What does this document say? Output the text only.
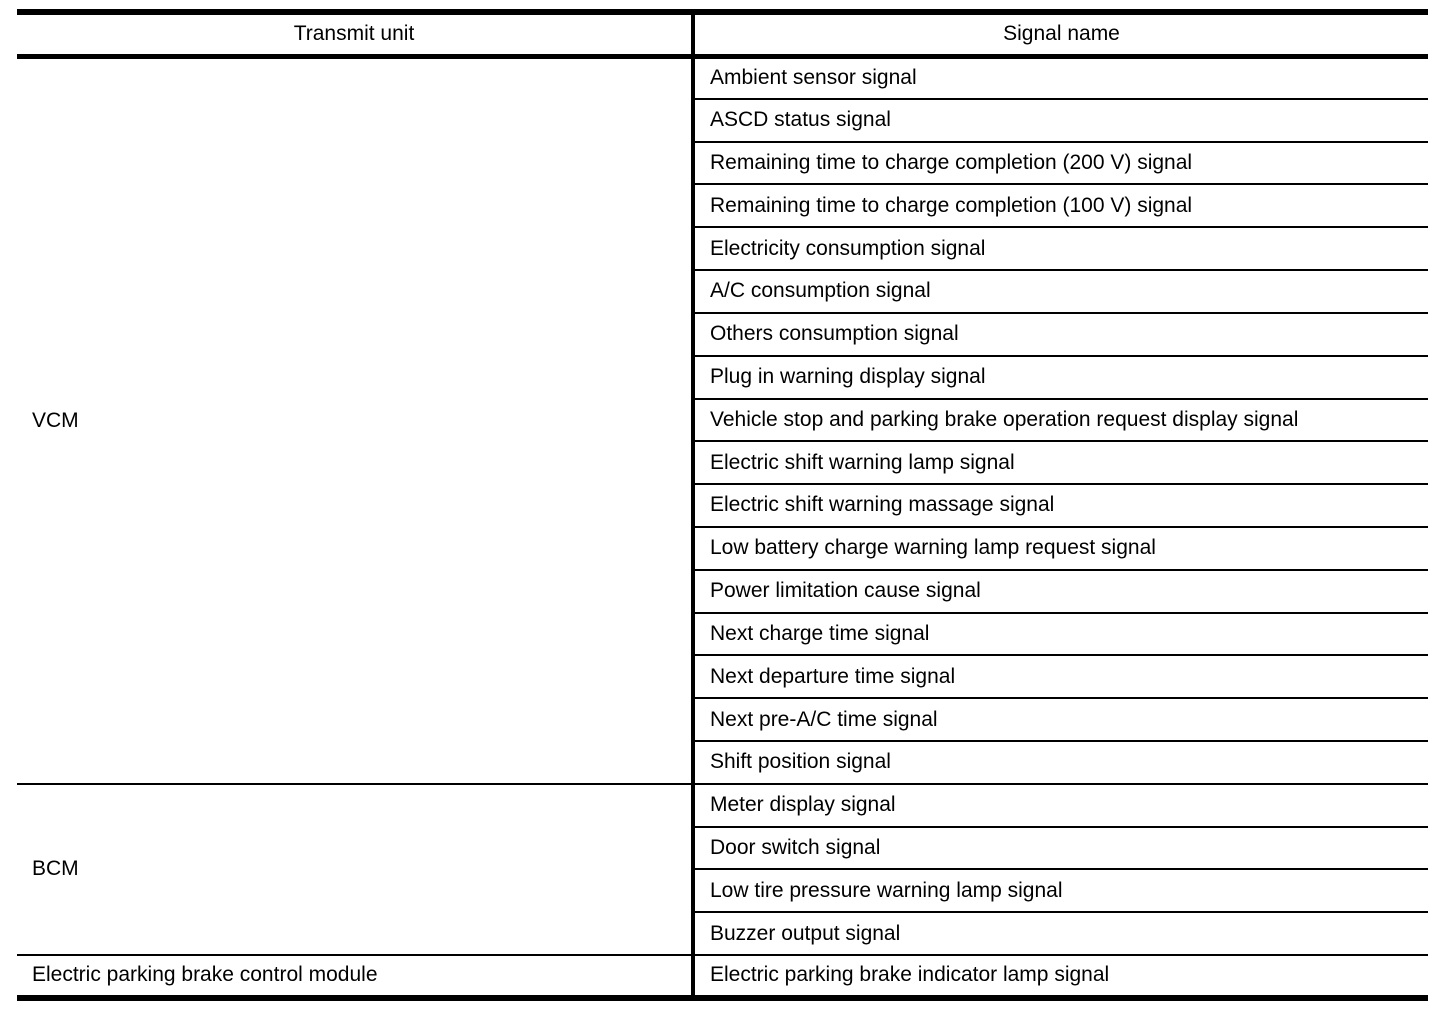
Transmit unit	Signal name
VCM	Ambient sensor signal
	ASCD status signal
	Remaining time to charge completion (200 V) signal
	Remaining time to charge completion (100 V) signal
	Electricity consumption signal
	A/C consumption signal
	Others consumption signal
	Plug in warning display signal
	Vehicle stop and parking brake operation request display signal
	Electric shift warning lamp signal
	Electric shift warning massage signal
	Low battery charge warning lamp request signal
	Power limitation cause signal
	Next charge time signal
	Next departure time signal
	Next pre-A/C time signal
	Shift position signal
BCM	Meter display signal
	Door switch signal
	Low tire pressure warning lamp signal
	Buzzer output signal
Electric parking brake control module	Electric parking brake indicator lamp signal
